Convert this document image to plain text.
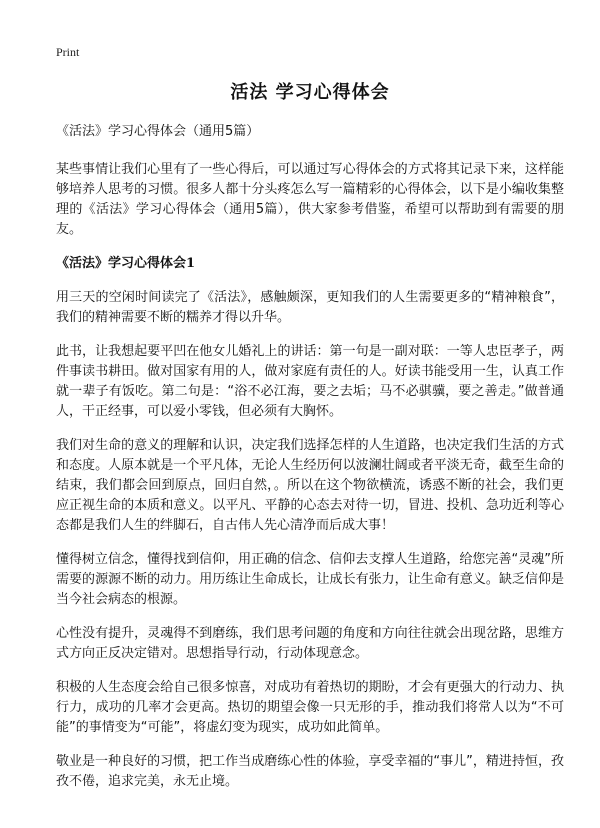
Print
活法 学习心得体会
《活法》学习心得体会（通用5篇）

某些事情让我们心里有了一些心得后，可以通过写心得体会的方式将其记录下来，这样能够培养人思考的习惯。很多人都十分头疼怎么写一篇精彩的心得体会，以下是小编收集整理的《活法》学习心得体会（通用5篇），供大家参考借鉴，希望可以帮助到有需要的朋友。

《活法》学习心得体会1

用三天的空闲时间读完了《活法》，感触颇深，更知我们的人生需要更多的“精神粮食”，我们的精神需要不断的糯养才得以升华。

此书，让我想起要平凹在他女儿婚礼上的讲话：第一句是一副对联：一等人忠臣孝子，两件事读书耕田。做对国家有用的人，做对家庭有责任的人。好读书能受用一生，认真工作就一辈子有饭吃。第二句是：“浴不必江海，要之去垢；马不必骐骥，要之善走。”做普通人，干正经事，可以爱小零钱，但必须有大胸怀。

我们对生命的意义的理解和认识，决定我们选择怎样的人生道路，也决定我们生活的方式和态度。人原本就是一个平凡体，无论人生经历何以波澜壮阔或者平淡无奇，截至生命的结束，我们都会回到原点，回归自然，。所以在这个物欲横流，诱惑不断的社会，我们更应正视生命的本质和意义。以平凡、平静的心态去对待一切，冒进、投机、急功近利等心态都是我们人生的绊脚石，自古伟人先心清净而后成大事！

懂得树立信念，懂得找到信仰，用正确的信念、信仰去支撑人生道路，给您完善“灵魂”所需要的源源不断的动力。用历练让生命成长，让成长有张力，让生命有意义。缺乏信仰是当今社会病态的根源。

心性没有提升，灵魂得不到磨练，我们思考问题的角度和方向往往就会出现岔路，思维方式方向正反决定错对。思想指导行动，行动体现意念。

积极的人生态度会给自己很多惊喜，对成功有着热切的期盼，才会有更强大的行动力、执行力，成功的几率才会更高。热切的期望会像一只无形的手，推动我们将常人以为“不可能”的事情变为“可能”，将虚幻变为现实，成功如此简单。

敬业是一种良好的习惯，把工作当成磨练心性的体验，享受幸福的“事儿”，精进持恒，孜孜不倦，追求完美，永无止境。
